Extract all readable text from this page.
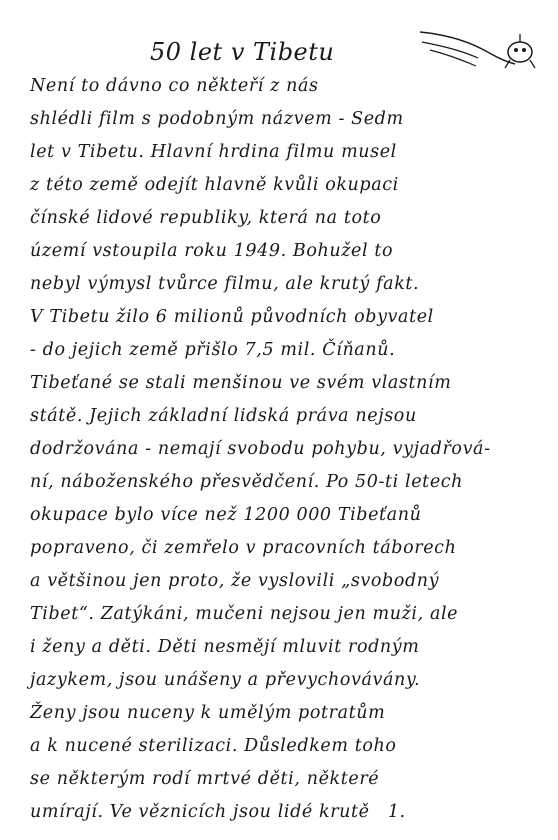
50 let v Tibetu
Není to dávno co někteří z nás
shlédli film s podobným názvem - Sedm
let v Tibetu. Hlavní hrdina filmu musel
z této země odejít hlavně kvůli okupaci
čínské lidové republiky, která na toto
území vstoupila roku 1949. Bohužel to
nebyl výmysl tvůrce filmu, ale krutý fakt.
V Tibetu žilo 6 milionů původních obyvatel
- do jejich země přišlo 7,5 mil. Číňanů.
Tibeťané se stali menšinou ve svém vlastním
státě. Jejich základní lidská práva nejsou
dodržována - nemají svobodu pohybu, vyjadřová-
ní, náboženského přesvědčení. Po 50-ti letech
okupace bylo více než 1200 000 Tibeťanů
popraveno, či zemřelo v pracovních táborech
a většinou jen proto, že vyslovili „svobodný
Tibet“. Zatýkáni, mučeni nejsou jen muži, ale
i ženy a děti. Děti nesmějí mluvit rodným
jazykem, jsou unášeny a převychovávány.
Ženy jsou nuceny k umělým potratům
a k nucené sterilizaci. Důsledkem toho
se některým rodí mrtvé děti, některé
umírají. Ve věznicích jsou lidé krutě 1.
